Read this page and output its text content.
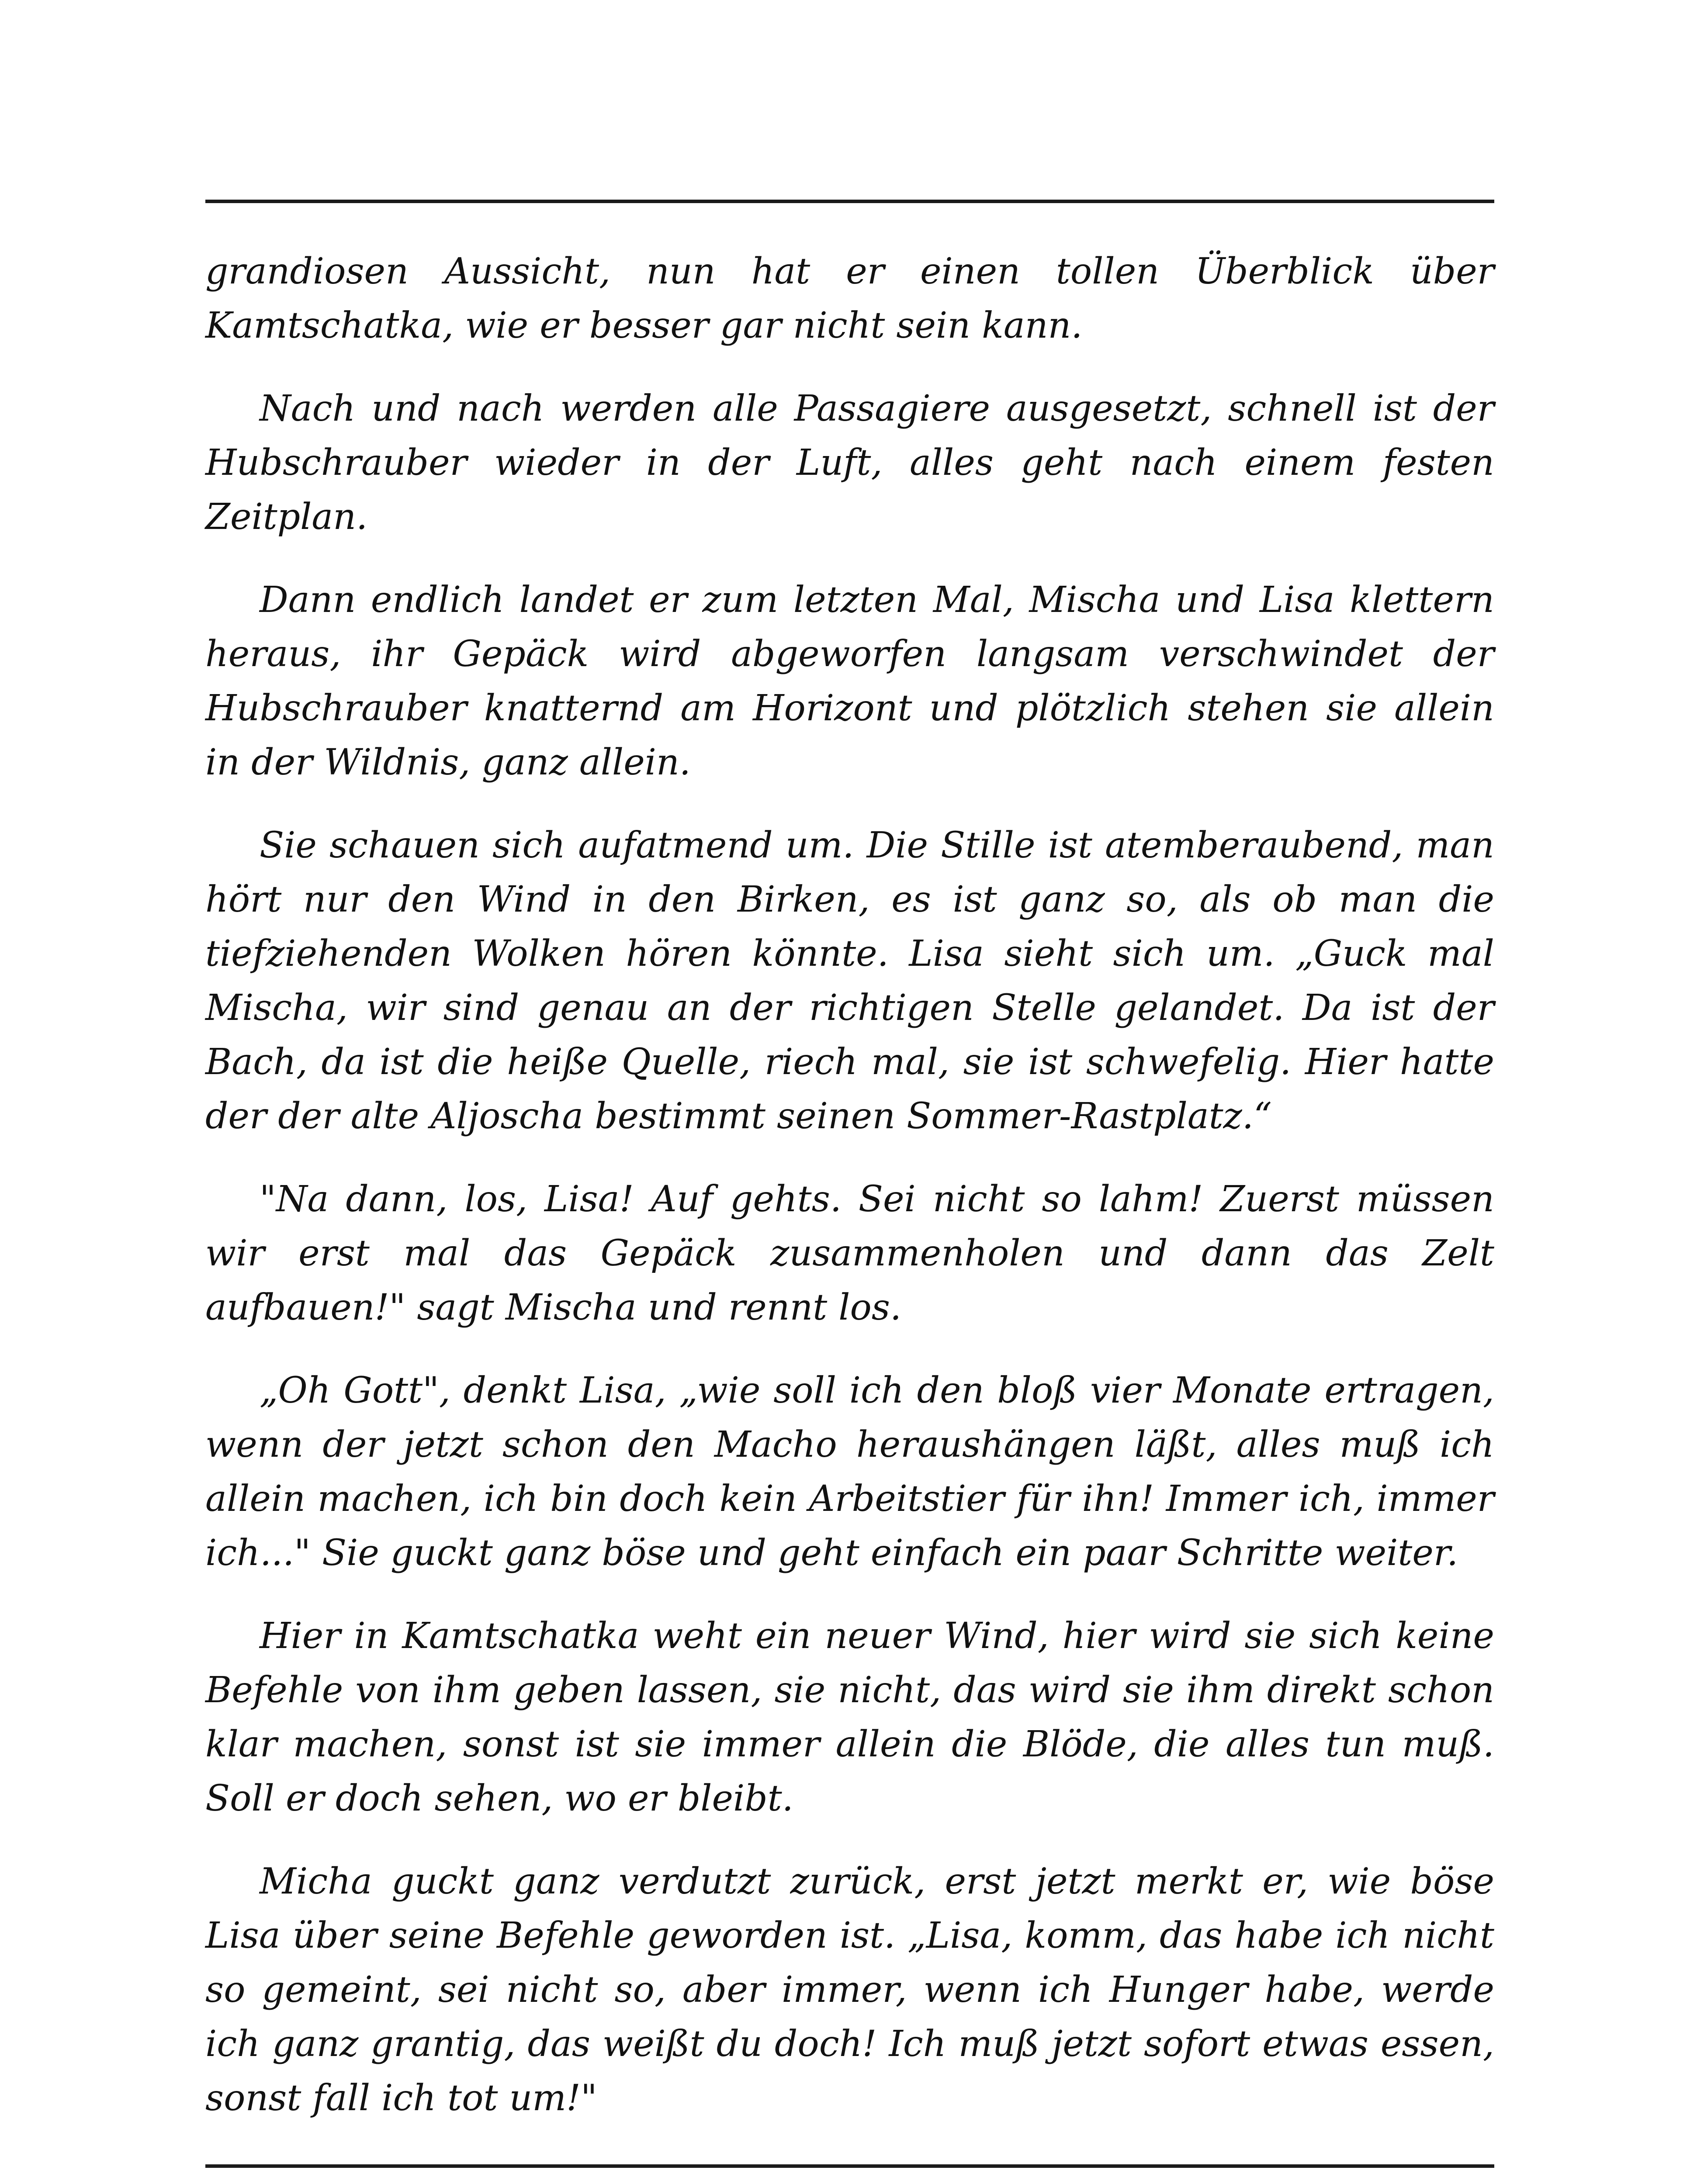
grandiosen Aussicht, nun hat er einen tollen Überblick über Kamtschatka, wie er besser gar nicht sein kann.

Nach und nach werden alle Passagiere ausgesetzt, schnell ist der Hubschrauber wieder in der Luft, alles geht nach einem festen Zeitplan.

Dann endlich landet er zum letzten Mal, Mischa und Lisa klettern heraus, ihr Gepäck wird abgeworfen langsam verschwindet der Hubschrauber knatternd am Horizont und plötzlich stehen sie allein in der Wildnis, ganz allein.

Sie schauen sich aufatmend um. Die Stille ist atemberaubend, man hört nur den Wind in den Birken, es ist ganz so, als ob man die tiefziehenden Wolken hören könnte. Lisa sieht sich um. „Guck mal Mischa, wir sind genau an der richtigen Stelle gelandet. Da ist der Bach, da ist die heiße Quelle, riech mal, sie ist schwefelig. Hier hatte der der alte Aljoscha bestimmt seinen Sommer-Rastplatz.“

"Na dann, los, Lisa! Auf gehts. Sei nicht so lahm! Zuerst müssen wir erst mal das Gepäck zusammenholen und dann das Zelt aufbauen!" sagt Mischa und rennt los.

„Oh Gott", denkt Lisa, „wie soll ich den bloß vier Monate ertragen, wenn der jetzt schon den Macho heraushängen läßt, alles muß ich allein machen, ich bin doch kein Arbeitstier für ihn! Immer ich, immer ich..." Sie guckt ganz böse und geht einfach ein paar Schritte weiter.

Hier in Kamtschatka weht ein neuer Wind, hier wird sie sich keine Befehle von ihm geben lassen, sie nicht, das wird sie ihm direkt schon klar machen, sonst ist sie immer allein die Blöde, die alles tun muß. Soll er doch sehen, wo er bleibt.

Micha guckt ganz verdutzt zurück, erst jetzt merkt er, wie böse Lisa über seine Befehle geworden ist. „Lisa, komm, das habe ich nicht so gemeint, sei nicht so, aber immer, wenn ich Hunger habe, werde ich ganz grantig, das weißt du doch! Ich muß jetzt sofort etwas essen, sonst fall ich tot um!"
